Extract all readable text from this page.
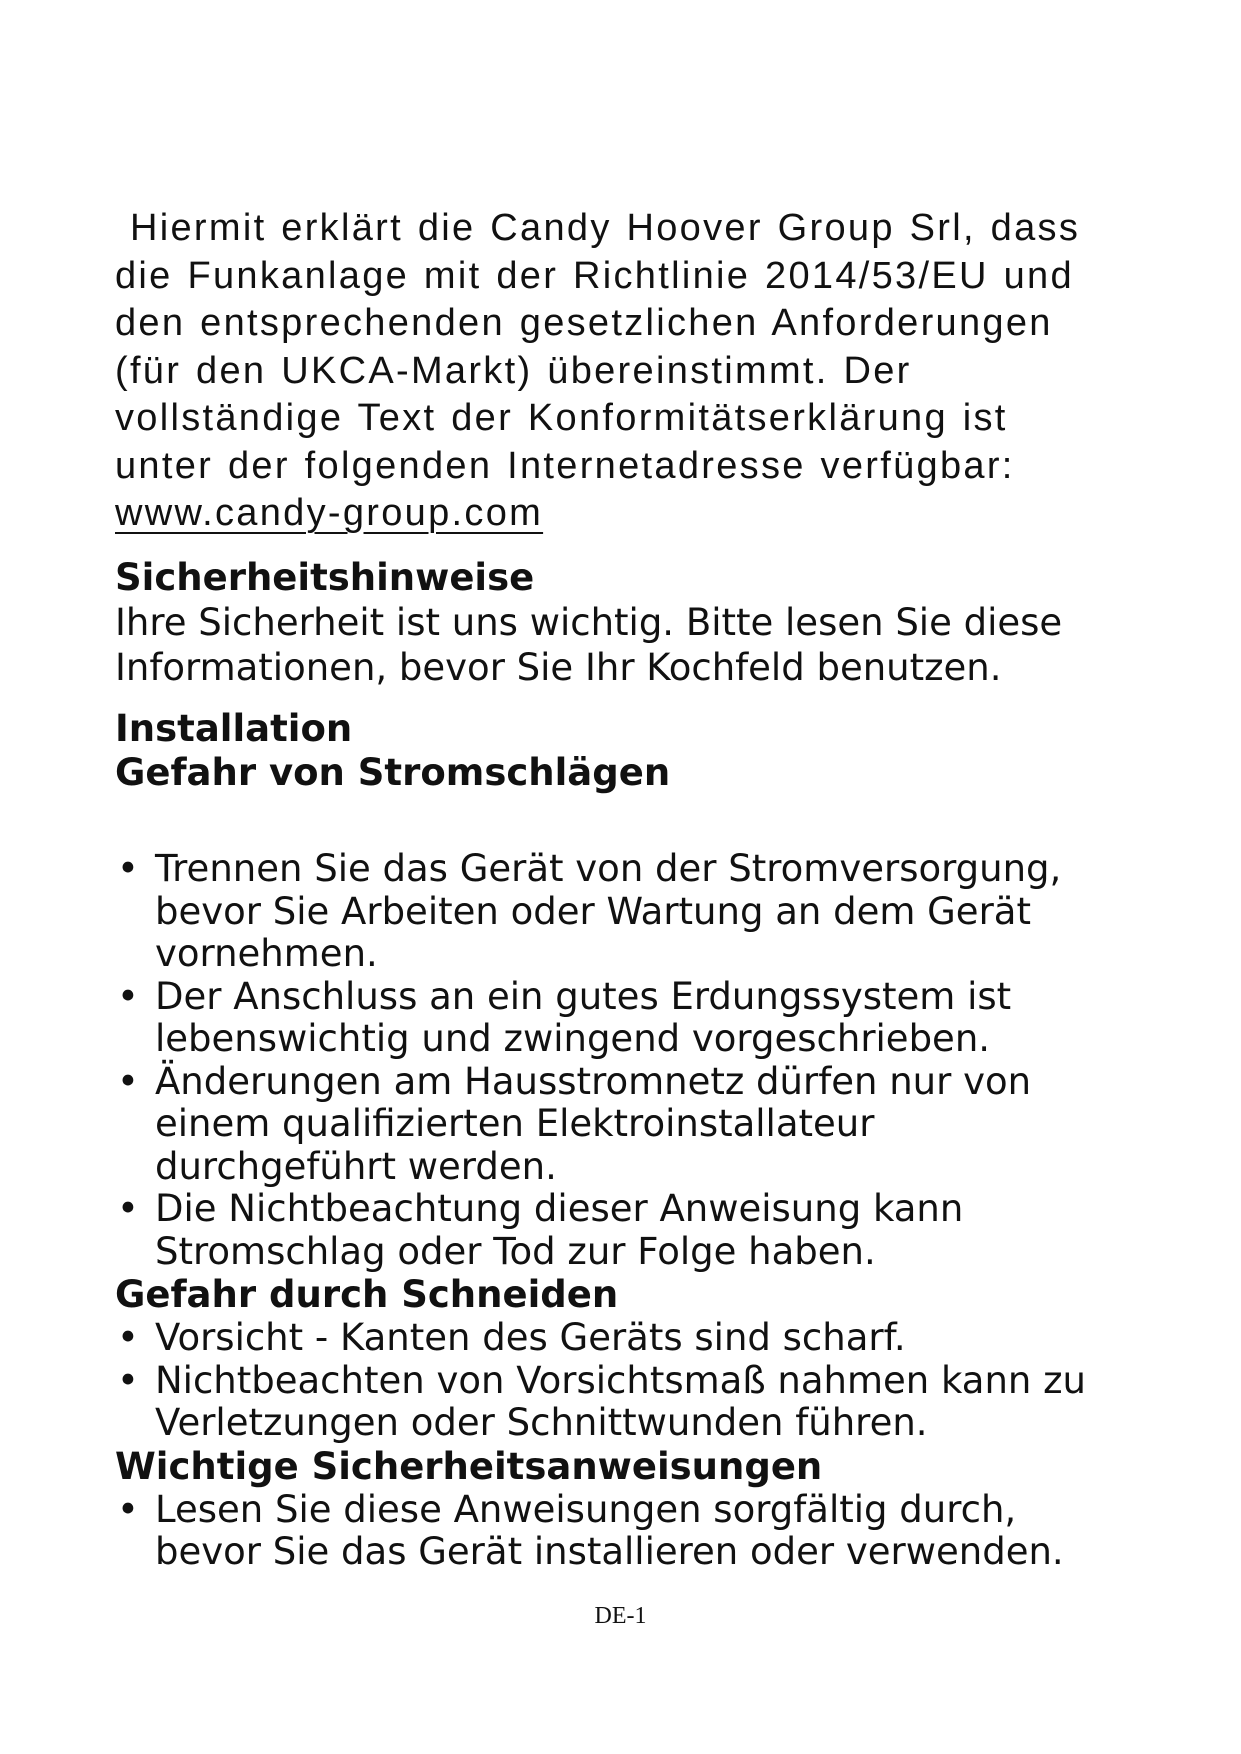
Hiermit erklärt die Candy Hoover Group Srl, dass
die Funkanlage mit der Richtlinie 2014/53/EU und
den entsprechenden gesetzlichen Anforderungen
(für den UKCA-Markt) übereinstimmt. Der
vollständige Text der Konformitätserklärung ist
unter der folgenden Internetadresse verfügbar:
www.candy-group.com
Sicherheitshinweise
Ihre Sicherheit ist uns wichtig. Bitte lesen Sie diese
Informationen, bevor Sie Ihr Kochfeld benutzen.
Installation
Gefahr von Stromschlägen
• Trennen Sie das Gerät von der Stromversorgung,
bevor Sie Arbeiten oder Wartung an dem Gerät
vornehmen.
• Der Anschluss an ein gutes Erdungssystem ist
lebenswichtig und zwingend vorgeschrieben.
• Änderungen am Hausstromnetz dürfen nur von
einem qualifizierten Elektroinstallateur
durchgeführt werden.
• Die Nichtbeachtung dieser Anweisung kann
Stromschlag oder Tod zur Folge haben.
Gefahr durch Schneiden
• Vorsicht - Kanten des Geräts sind scharf.
• Nichtbeachten von Vorsichtsmaß nahmen kann zu
Verletzungen oder Schnittwunden führen.
Wichtige Sicherheitsanweisungen
• Lesen Sie diese Anweisungen sorgfältig durch,
bevor Sie das Gerät installieren oder verwenden.
DE-1
